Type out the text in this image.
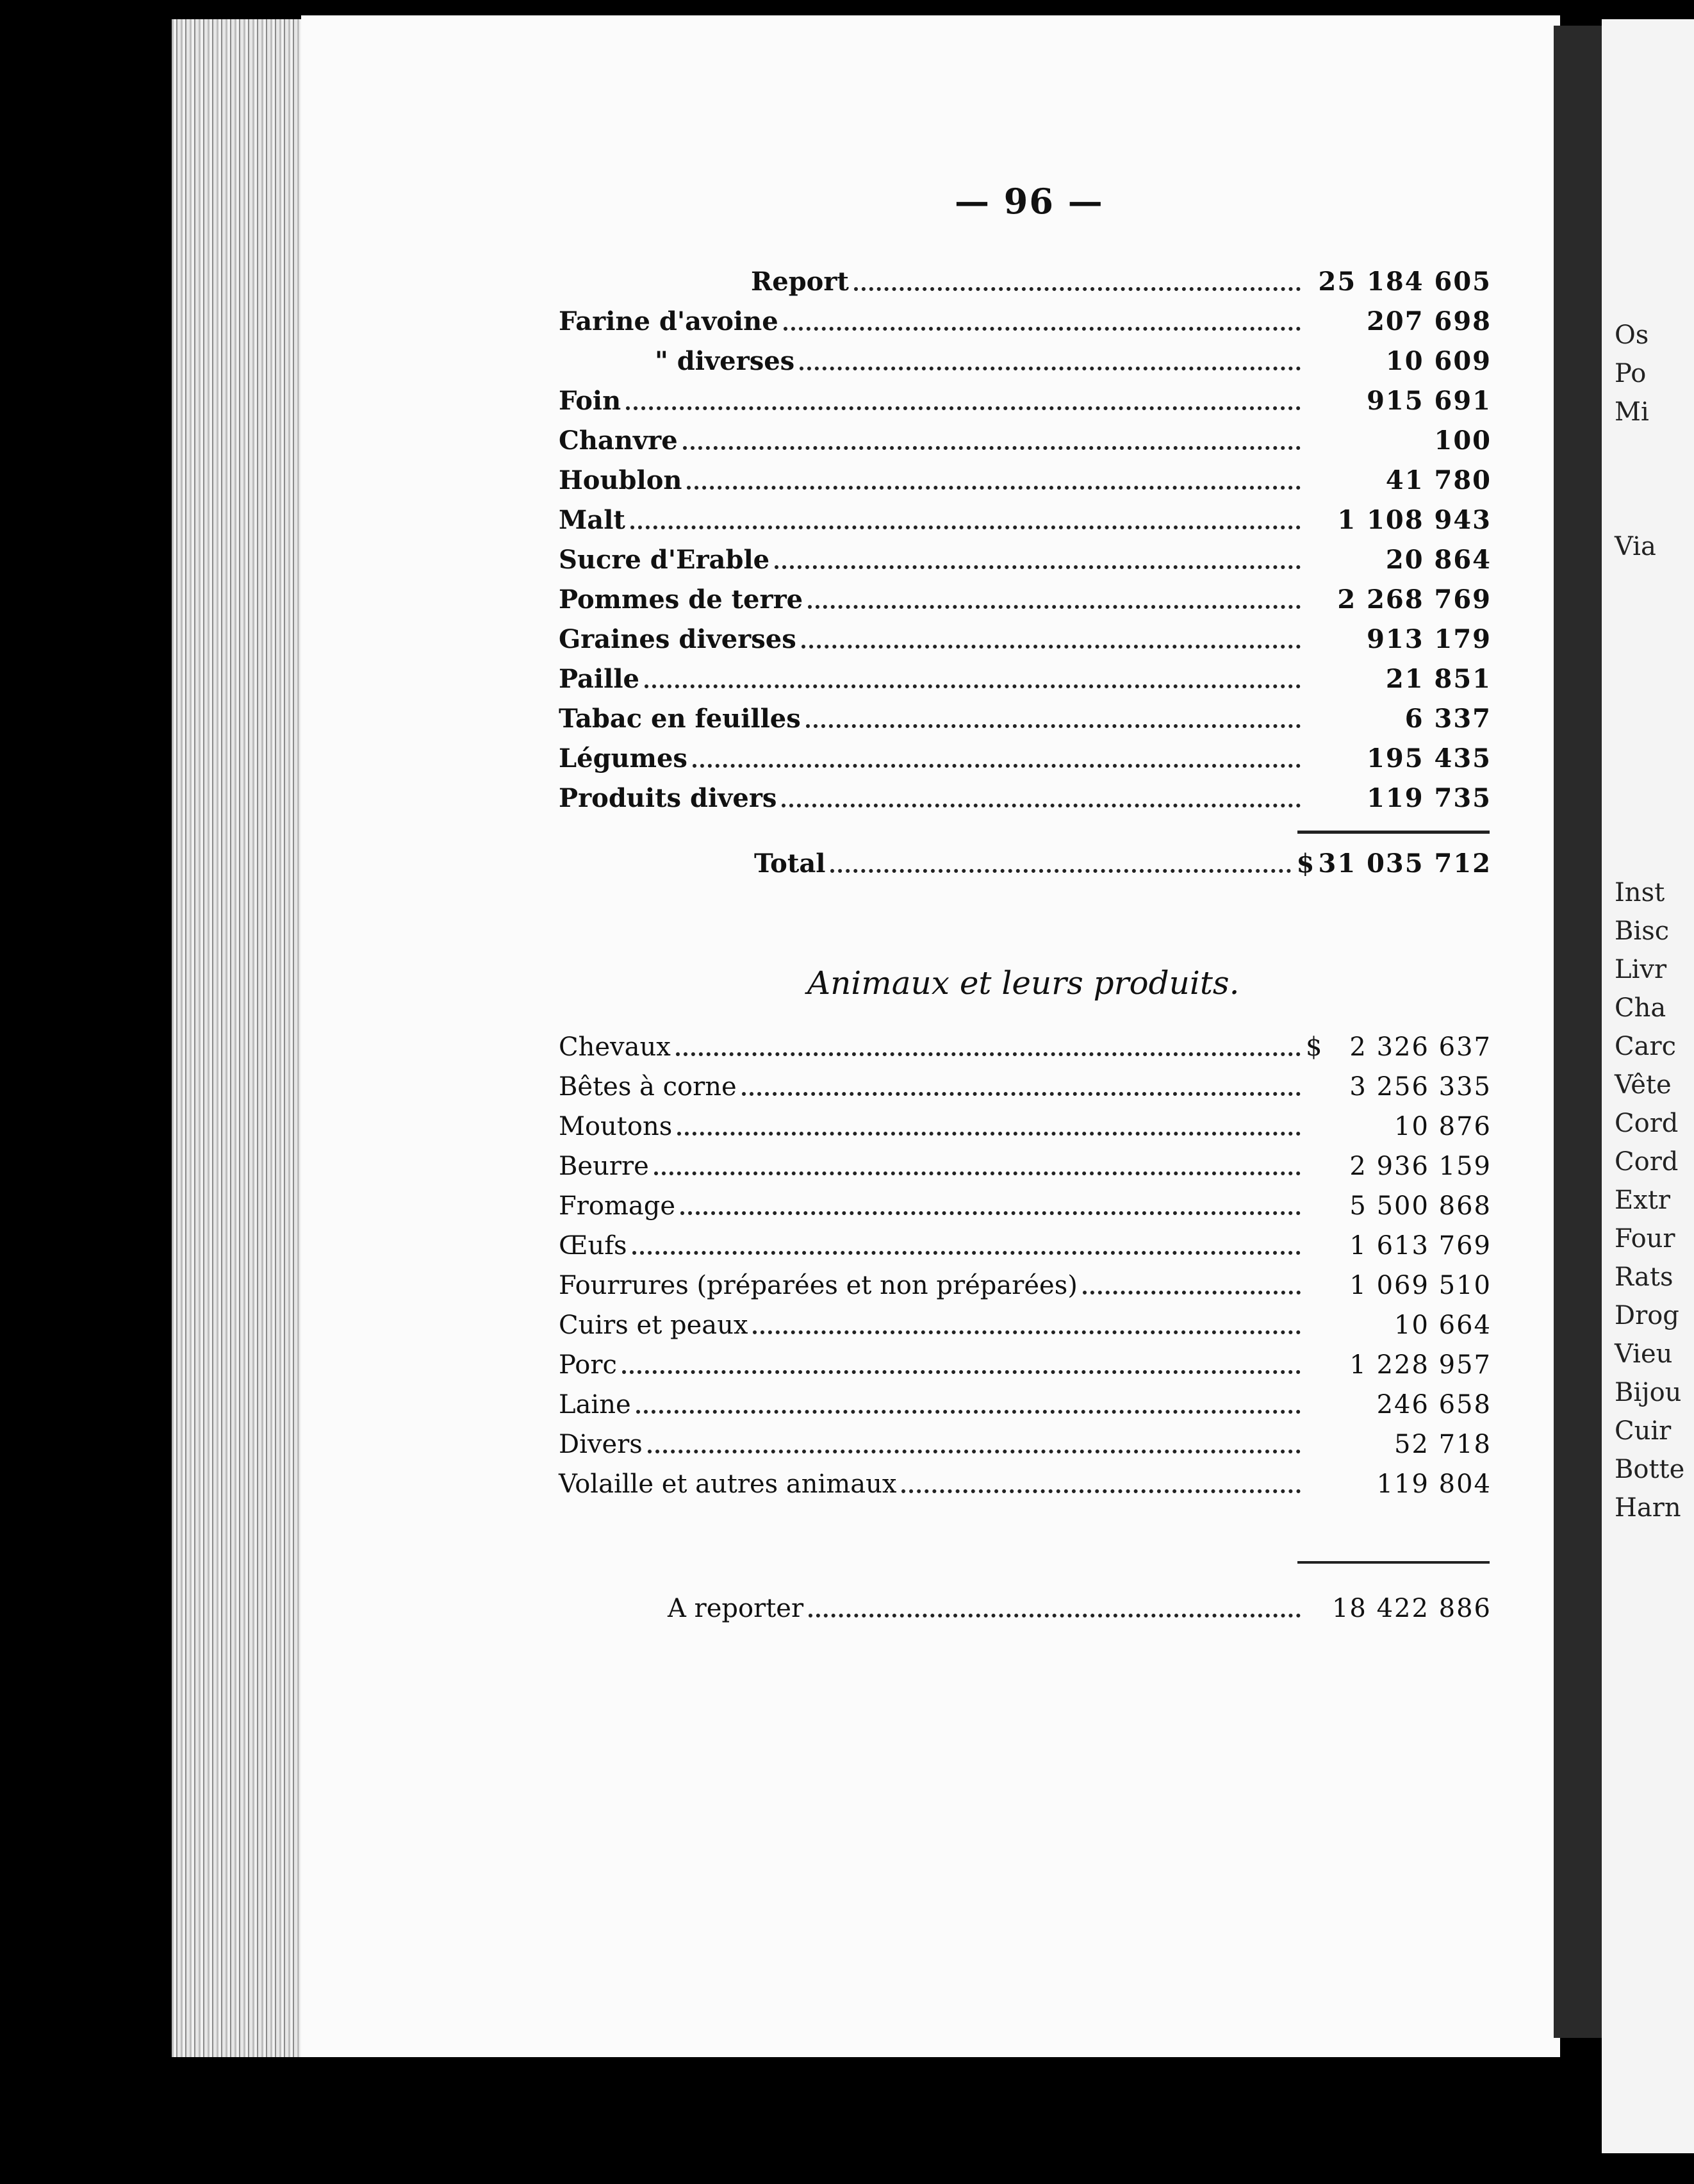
Os
Po
Mi
Via
Inst
Bisc
Livr
Cha
Carc
Vête
Cord
Cord
Extr
Four
Rats
Drog
Vieu
Bijou
Cuir
Botte
Harn
— 96 —
Report	25 184 605
Farine d'avoine	207 698
" diverses	10 609
Foin	915 691
Chanvre	100
Houblon	41 780
Malt	1 108 943
Sucre d'Erable	20 864
Pommes de terre	2 268 769
Graines diverses	913 179
Paille	21 851
Tabac en feuilles	6 337
Légumes	195 435
Produits divers	119 735
Total	$ 31 035 712
Animaux et leurs produits.
Chevaux	$	2 326 637
Bêtes à corne	3 256 335
Moutons	10 876
Beurre	2 936 159
Fromage	5 500 868
Œufs	1 613 769
Fourrures (préparées et non préparées)	1 069 510
Cuirs et peaux	10 664
Porc	1 228 957
Laine	246 658
Divers	52 718
Volaille et autres animaux	119 804
A reporter	18 422 886
